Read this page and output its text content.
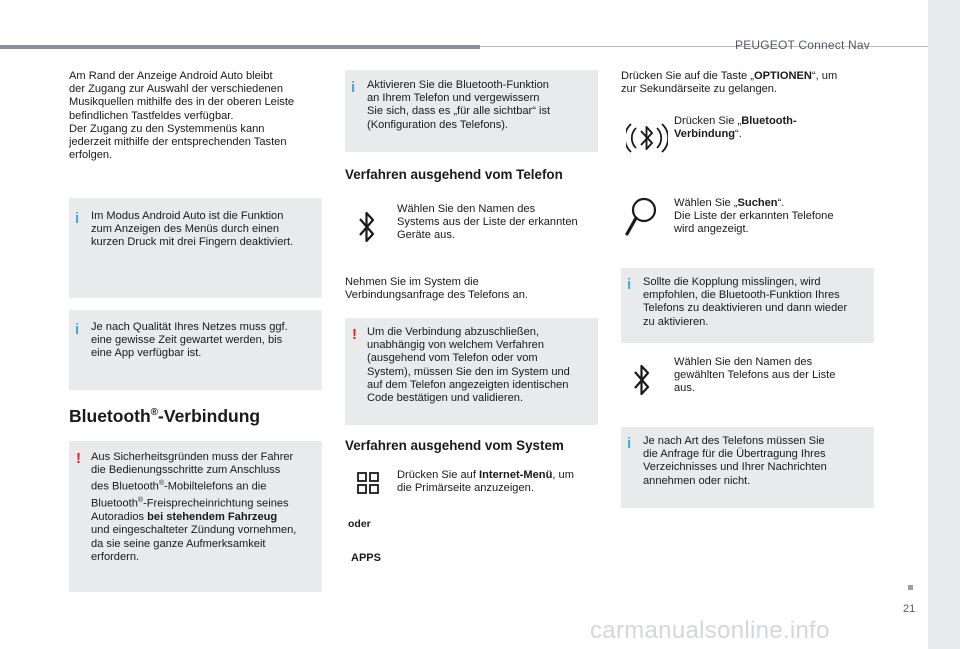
PEUGEOT Connect Nav
21
carmanualsonline.info
Am Rand der Anzeige Android Auto bleibt
der Zugang zur Auswahl der verschiedenen
Musikquellen mithilfe des in der oberen Leiste
befindlichen Tastfeldes verfügbar.
Der Zugang zu den Systemmenüs kann
jederzeit mithilfe der entsprechenden Tasten
erfolgen.
i Im Modus Android Auto ist die Funktion
zum Anzeigen des Menüs durch einen
kurzen Druck mit drei Fingern deaktiviert.
i Je nach Qualität Ihres Netzes muss ggf.
eine gewisse Zeit gewartet werden, bis
eine App verfügbar ist.
Bluetooth®-Verbindung
! Aus Sicherheitsgründen muss der Fahrer
die Bedienungsschritte zum Anschluss
des Bluetooth®-Mobiltelefons an die
Bluetooth®-Freisprecheinrichtung seines
Autoradios bei stehendem Fahrzeug
und eingeschalteter Zündung vornehmen,
da sie seine ganze Aufmerksamkeit
erfordern.
i Aktivieren Sie die Bluetooth-Funktion
an Ihrem Telefon und vergewissern
Sie sich, dass es „für alle sichtbar“ ist
(Konfiguration des Telefons).
Verfahren ausgehend vom Telefon
Wählen Sie den Namen des
Systems aus der Liste der erkannten
Geräte aus.
Nehmen Sie im System die
Verbindungsanfrage des Telefons an.
! Um die Verbindung abzuschließen,
unabhängig von welchem Verfahren
(ausgehend vom Telefon oder vom
System), müssen Sie den im System und
auf dem Telefon angezeigten identischen
Code bestätigen und validieren.
Verfahren ausgehend vom System
Drücken Sie auf Internet-Menü, um
die Primärseite anzuzeigen.
oder
APPS
Drücken Sie auf die Taste „OPTIONEN“, um
zur Sekundärseite zu gelangen.
Drücken Sie „Bluetooth-
Verbindung“.
Wählen Sie „Suchen“.
Die Liste der erkannten Telefone
wird angezeigt.
i Sollte die Kopplung misslingen, wird
empfohlen, die Bluetooth-Funktion Ihres
Telefons zu deaktivieren und dann wieder
zu aktivieren.
Wählen Sie den Namen des
gewählten Telefons aus der Liste
aus.
i Je nach Art des Telefons müssen Sie
die Anfrage für die Übertragung Ihres
Verzeichnisses und Ihrer Nachrichten
annehmen oder nicht.
